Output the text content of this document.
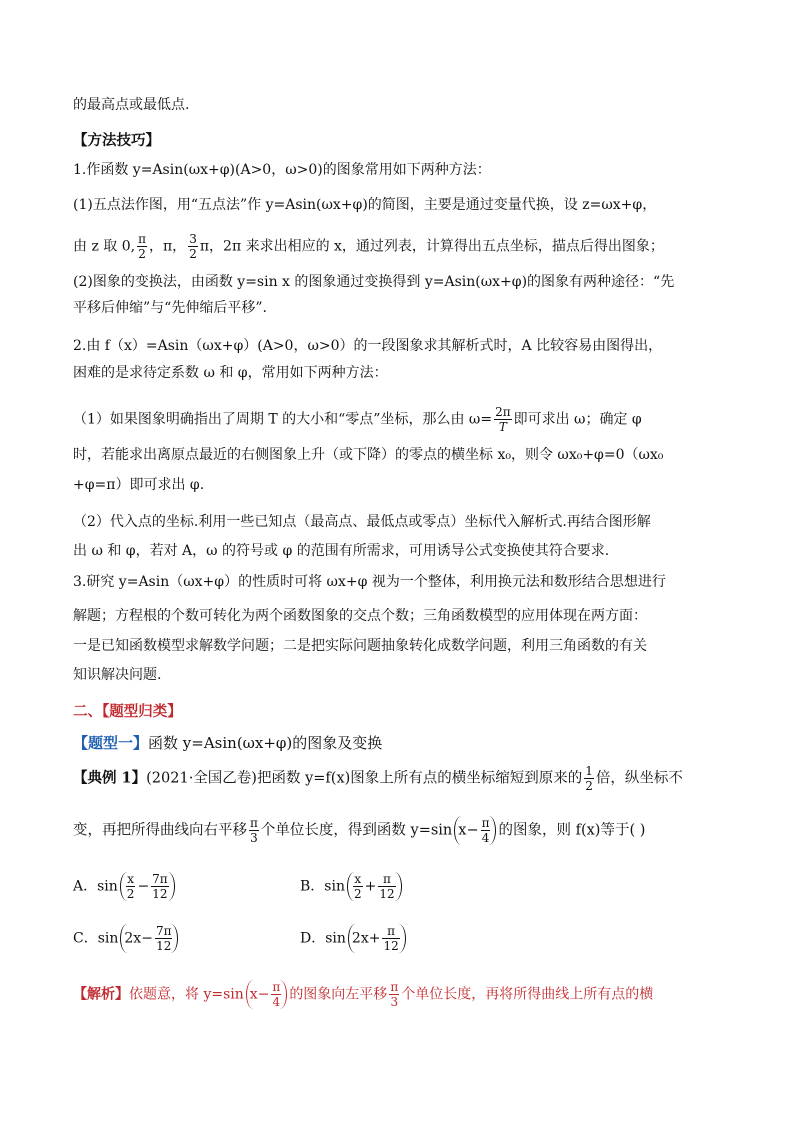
的最高点或最低点.
【方法技巧】
1.作函数 y=Asin(ωx+φ)(A>0，ω>0)的图象常用如下两种方法：
(1)五点法作图，用“五点法”作 y=Asin(ωx+φ)的简图，主要是通过变量代换，设 z=ωx+φ，
由 z 取 0, $\frac{\pi}{2}$ ，π， $\frac{3}{2}$ π，2π 来求出相应的 x，通过列表，计算得出五点坐标，描点后得出图象；
(2)图象的变换法，由函数 y=sin x 的图象通过变换得到 y=Asin(ωx+φ)的图象有两种途径：“先
平移后伸缩”与“先伸缩后平移”.
2.由 f（x）=Asin（ωx+φ）(A>0，ω>0）的一段图象求其解析式时，A 比较容易由图得出，
困难的是求待定系数 ω 和 φ，常用如下两种方法：
（1）如果图象明确指出了周期 T 的大小和“零点”坐标，那么由 $\omega= \frac{2\pi}{T}$ 即可求出 ω；确定 φ
时，若能求出离原点最近的右侧图象上升（或下降）的零点的横坐标 x₀，则令 ωx₀+φ=0（ωx₀
+φ=π）即可求出 φ.
（2）代入点的坐标.利用一些已知点（最高点、最低点或零点）坐标代入解析式.再结合图形解
出 ω 和 φ，若对 A，ω 的符号或 φ 的范围有所需求，可用诱导公式变换使其符合要求.
3.研究 y=Asin（ωx+φ）的性质时可将 ωx+φ 视为一个整体，利用换元法和数形结合思想进行
解题；方程根的个数可转化为两个函数图象的交点个数；三角函数模型的应用体现在两方面：
一是已知函数模型求解数学问题；二是把实际问题抽象转化成数学问题，利用三角函数的有关
知识解决问题.
二、【题型归类】
【题型一】函数 y=Asin(ωx+φ)的图象及变换
【典例 1】(2021·全国乙卷)把函数 y=f(x)图象上所有点的横坐标缩短到原来的 $\frac{1}{2}$ 倍，纵坐标不
变，再把所得曲线向右平移 $\frac{\pi}{3}$ 个单位长度，得到函数 y=sin $x- \frac{\pi}{4}$ 的图象，则 f(x)等于( )
A．$\sin \frac{x}{2} - \frac{7\pi}{12}$	B．$\sin \frac{x}{2} + \frac{\pi}{12}$
C．$\sin 2x- \frac{7\pi}{12}$	D．$\sin 2x+ \frac{\pi}{12}$
【解析】依题意，将 y=sin $x- \frac{\pi}{4}$ 的图象向左平移 $\frac{\pi}{3}$ 个单位长度，再将所得曲线上所有点的横
